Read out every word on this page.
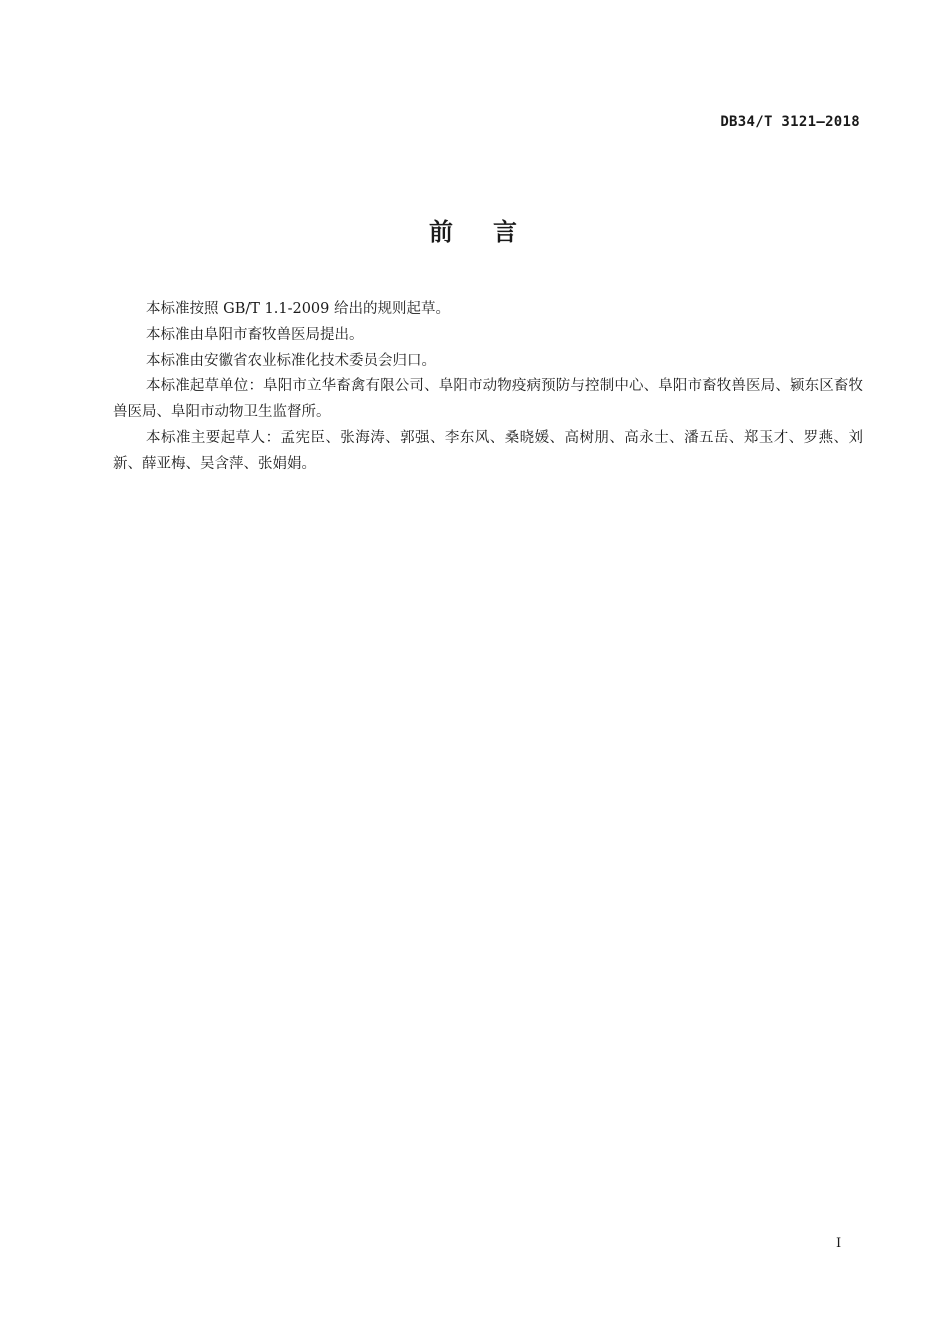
DB34/T 3121—2018
前言

本标准按照 GB/T 1.1-2009 给出的规则起草。

本标准由阜阳市畜牧兽医局提出。

本标准由安徽省农业标准化技术委员会归口。

本标准起草单位：阜阳市立华畜禽有限公司、阜阳市动物疫病预防与控制中心、阜阳市畜牧兽医局、颍东区畜牧兽医局、阜阳市动物卫生监督所。

本标准主要起草人：孟宪臣、张海涛、郭强、李东风、桑晓媛、高树朋、高永士、潘五岳、郑玉才、罗燕、刘新、薛亚梅、吴含萍、张娟娟。

I
